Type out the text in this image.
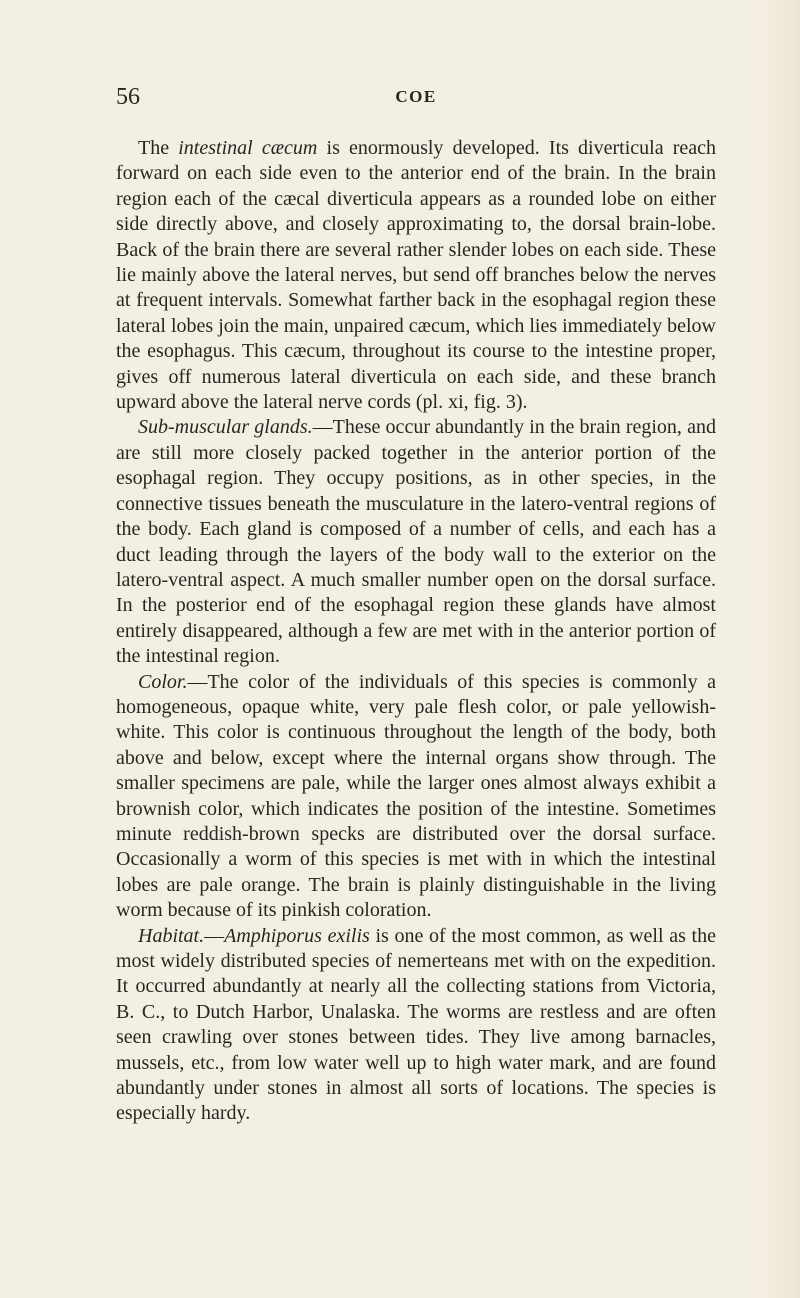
56	COE

The intestinal cæcum is enormously developed. Its diverticula reach forward on each side even to the anterior end of the brain. In the brain region each of the cæcal diverticula appears as a rounded lobe on either side directly above, and closely approximating to, the dorsal brain-lobe. Back of the brain there are several rather slender lobes on each side. These lie mainly above the lateral nerves, but send off branches below the nerves at frequent intervals. Somewhat farther back in the esophagal region these lateral lobes join the main, unpaired cæcum, which lies immediately below the esophagus. This cæcum, throughout its course to the intestine proper, gives off numerous lateral diverticula on each side, and these branch upward above the lateral nerve cords (pl. xi, fig. 3).

Sub-muscular glands.—These occur abundantly in the brain region, and are still more closely packed together in the anterior portion of the esophagal region. They occupy positions, as in other species, in the connective tissues beneath the musculature in the latero-ventral regions of the body. Each gland is composed of a number of cells, and each has a duct leading through the layers of the body wall to the exterior on the latero-ventral aspect. A much smaller number open on the dorsal surface. In the posterior end of the esophagal region these glands have almost entirely disappeared, although a few are met with in the anterior portion of the intestinal region.

Color.—The color of the individuals of this species is commonly a homogeneous, opaque white, very pale flesh color, or pale yellowish-white. This color is continuous throughout the length of the body, both above and below, except where the internal organs show through. The smaller specimens are pale, while the larger ones almost always exhibit a brownish color, which indicates the position of the intestine. Sometimes minute reddish-brown specks are distributed over the dorsal surface. Occasionally a worm of this species is met with in which the intestinal lobes are pale orange. The brain is plainly distinguishable in the living worm because of its pinkish coloration.

Habitat.—Amphiporus exilis is one of the most common, as well as the most widely distributed species of nemerteans met with on the expedition. It occurred abundantly at nearly all the collecting stations from Victoria, B. C., to Dutch Harbor, Unalaska. The worms are restless and are often seen crawling over stones between tides. They live among barnacles, mussels, etc., from low water well up to high water mark, and are found abundantly under stones in almost all sorts of locations. The species is especially hardy.
